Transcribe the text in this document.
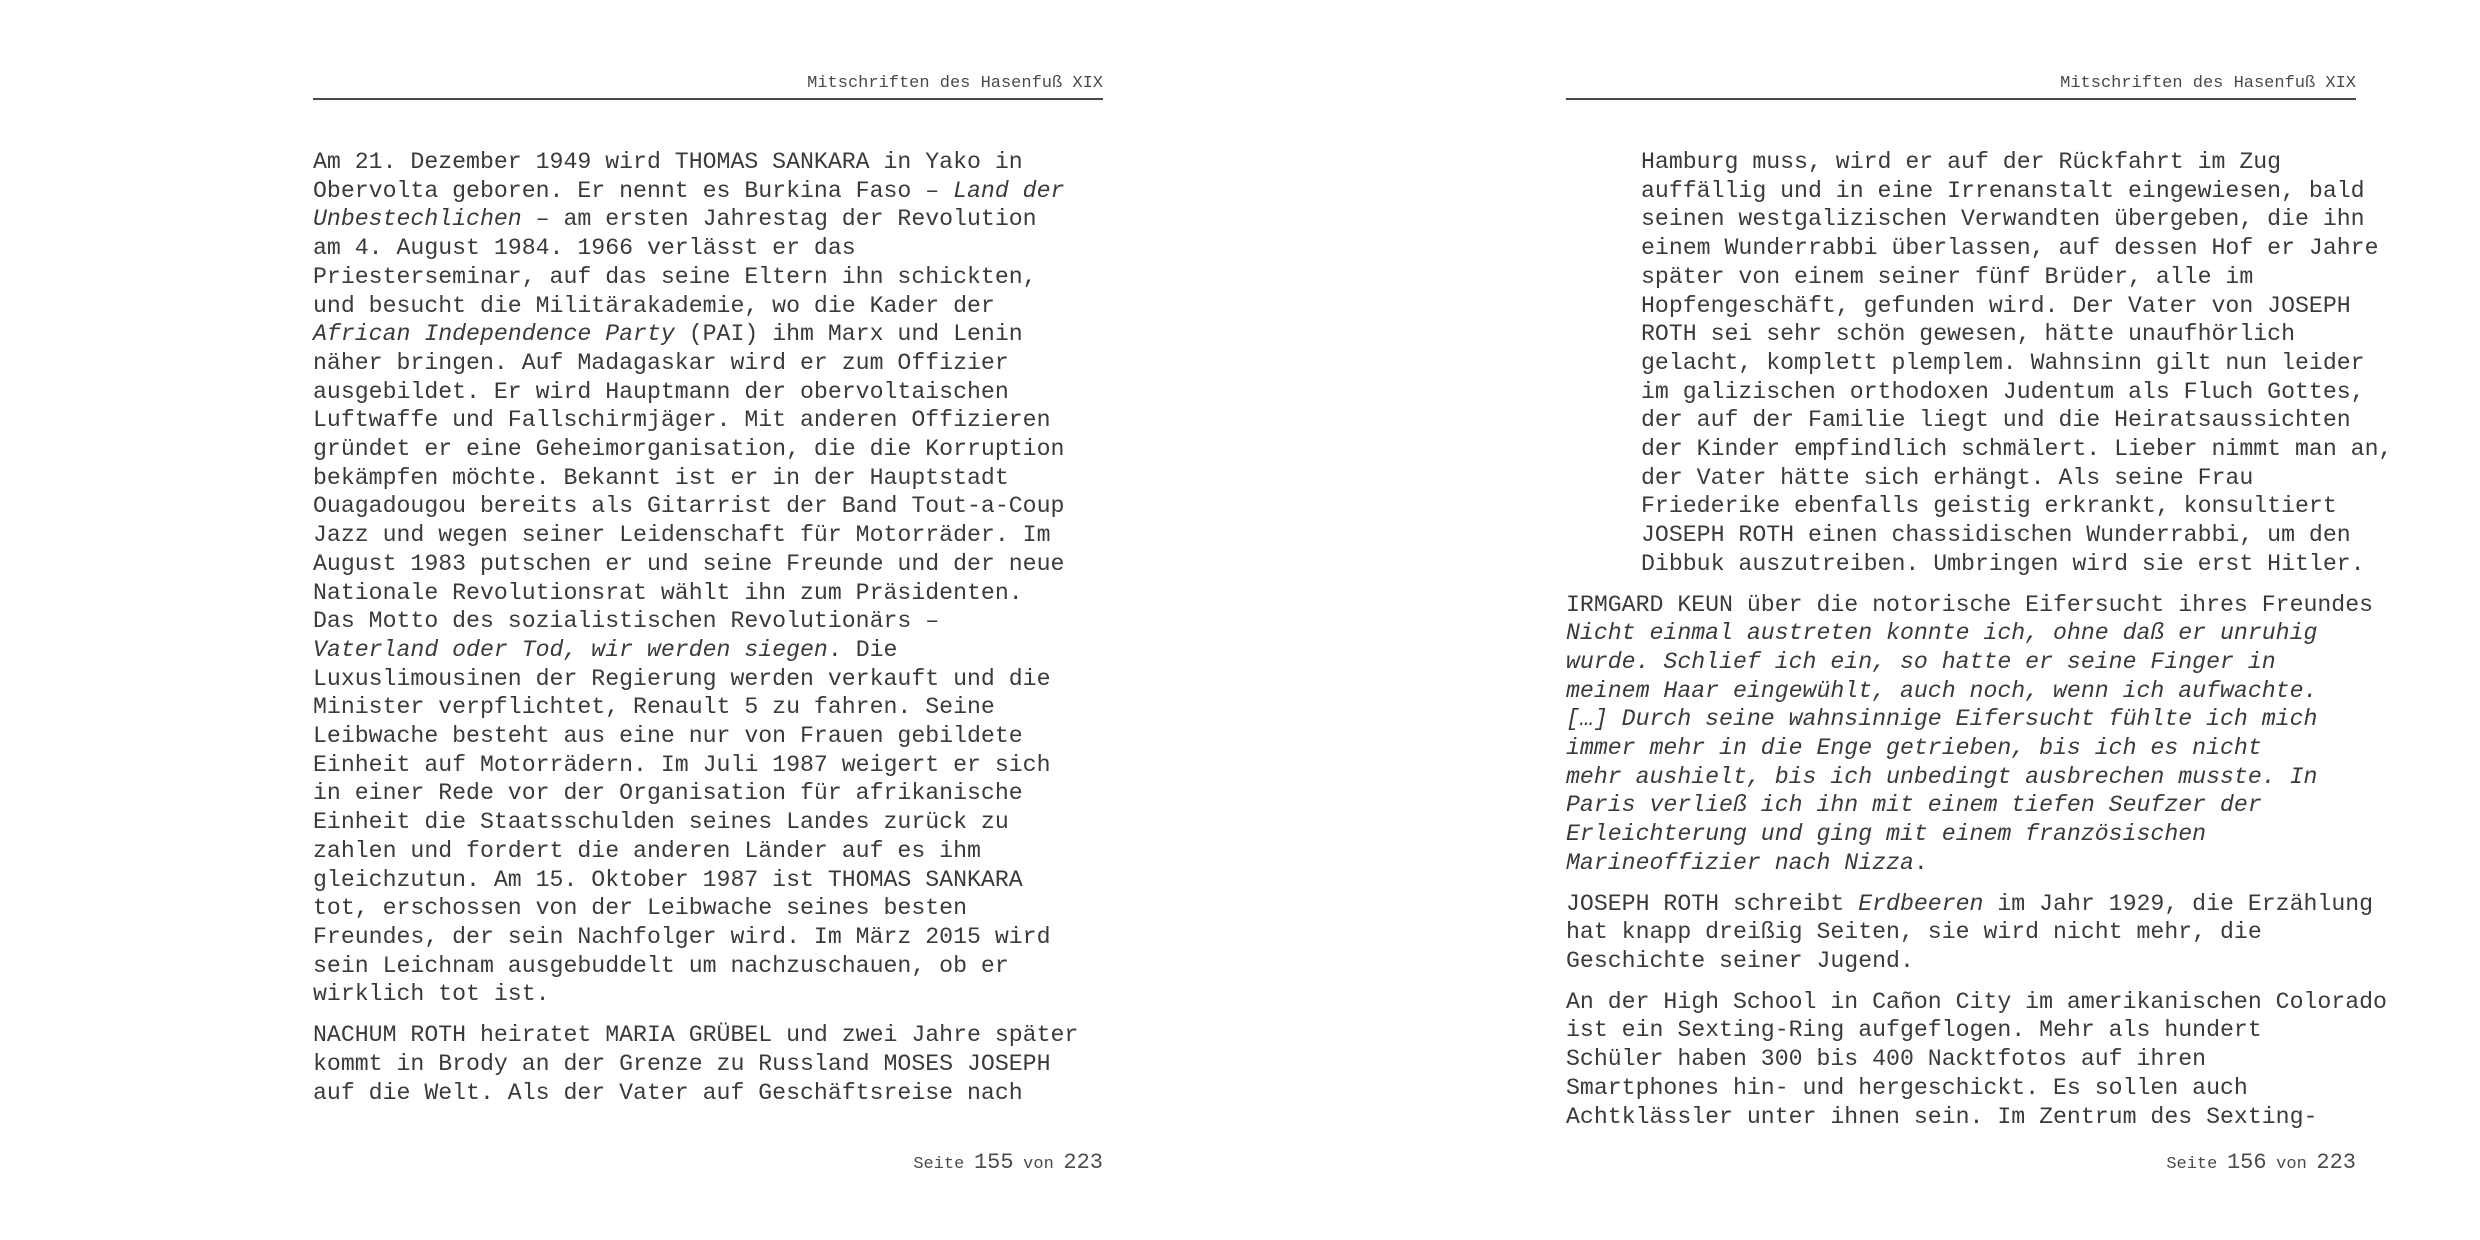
Mitschriften des Hasenfuß XIX
Am 21. Dezember 1949 wird THOMAS SANKARA in Yako in
Obervolta geboren. Er nennt es Burkina Faso – Land der
Unbestechlichen – am ersten Jahrestag der Revolution
am 4. August 1984. 1966 verlässt er das
Priesterseminar, auf das seine Eltern ihn schickten,
und besucht die Militärakademie, wo die Kader der
African Independence Party (PAI) ihm Marx und Lenin
näher bringen. Auf Madagaskar wird er zum Offizier
ausgebildet. Er wird Hauptmann der obervoltaischen
Luftwaffe und Fallschirmjäger. Mit anderen Offizieren
gründet er eine Geheimorganisation, die die Korruption
bekämpfen möchte. Bekannt ist er in der Hauptstadt
Ouagadougou bereits als Gitarrist der Band Tout-a-Coup
Jazz und wegen seiner Leidenschaft für Motorräder. Im
August 1983 putschen er und seine Freunde und der neue
Nationale Revolutionsrat wählt ihn zum Präsidenten.
Das Motto des sozialistischen Revolutionärs –
Vaterland oder Tod, wir werden siegen. Die
Luxuslimousinen der Regierung werden verkauft und die
Minister verpflichtet, Renault 5 zu fahren. Seine
Leibwache besteht aus eine nur von Frauen gebildete
Einheit auf Motorrädern. Im Juli 1987 weigert er sich
in einer Rede vor der Organisation für afrikanische
Einheit die Staatsschulden seines Landes zurück zu
zahlen und fordert die anderen Länder auf es ihm
gleichzutun. Am 15. Oktober 1987 ist THOMAS SANKARA
tot, erschossen von der Leibwache seines besten
Freundes, der sein Nachfolger wird. Im März 2015 wird
sein Leichnam ausgebuddelt um nachzuschauen, ob er
wirklich tot ist.
NACHUM ROTH heiratet MARIA GRÜBEL und zwei Jahre später
kommt in Brody an der Grenze zu Russland MOSES JOSEPH
auf die Welt. Als der Vater auf Geschäftsreise nach
Seite 155 von 223
Mitschriften des Hasenfuß XIX
Hamburg muss, wird er auf der Rückfahrt im Zug
auffällig und in eine Irrenanstalt eingewiesen, bald
seinen westgalizischen Verwandten übergeben, die ihn
einem Wunderrabbi überlassen, auf dessen Hof er Jahre
später von einem seiner fünf Brüder, alle im
Hopfengeschäft, gefunden wird. Der Vater von JOSEPH
ROTH sei sehr schön gewesen, hätte unaufhörlich
gelacht, komplett plemplem. Wahnsinn gilt nun leider
im galizischen orthodoxen Judentum als Fluch Gottes,
der auf der Familie liegt und die Heiratsaussichten
der Kinder empfindlich schmälert. Lieber nimmt man an,
der Vater hätte sich erhängt. Als seine Frau
Friederike ebenfalls geistig erkrankt, konsultiert
JOSEPH ROTH einen chassidischen Wunderrabbi, um den
Dibbuk auszutreiben. Umbringen wird sie erst Hitler.
IRMGARD KEUN über die notorische Eifersucht ihres Freundes
Nicht einmal austreten konnte ich, ohne daß er unruhig
wurde. Schlief ich ein, so hatte er seine Finger in
meinem Haar eingewühlt, auch noch, wenn ich aufwachte.
[…] Durch seine wahnsinnige Eifersucht fühlte ich mich
immer mehr in die Enge getrieben, bis ich es nicht
mehr aushielt, bis ich unbedingt ausbrechen musste. In
Paris verließ ich ihn mit einem tiefen Seufzer der
Erleichterung und ging mit einem französischen
Marineoffizier nach Nizza.
JOSEPH ROTH schreibt Erdbeeren im Jahr 1929, die Erzählung
hat knapp dreißig Seiten, sie wird nicht mehr, die
Geschichte seiner Jugend.
An der High School in Cañon City im amerikanischen Colorado
ist ein Sexting-Ring aufgeflogen. Mehr als hundert
Schüler haben 300 bis 400 Nacktfotos auf ihren
Smartphones hin- und hergeschickt. Es sollen auch
Achtklässler unter ihnen sein. Im Zentrum des Sexting-
Seite 156 von 223
